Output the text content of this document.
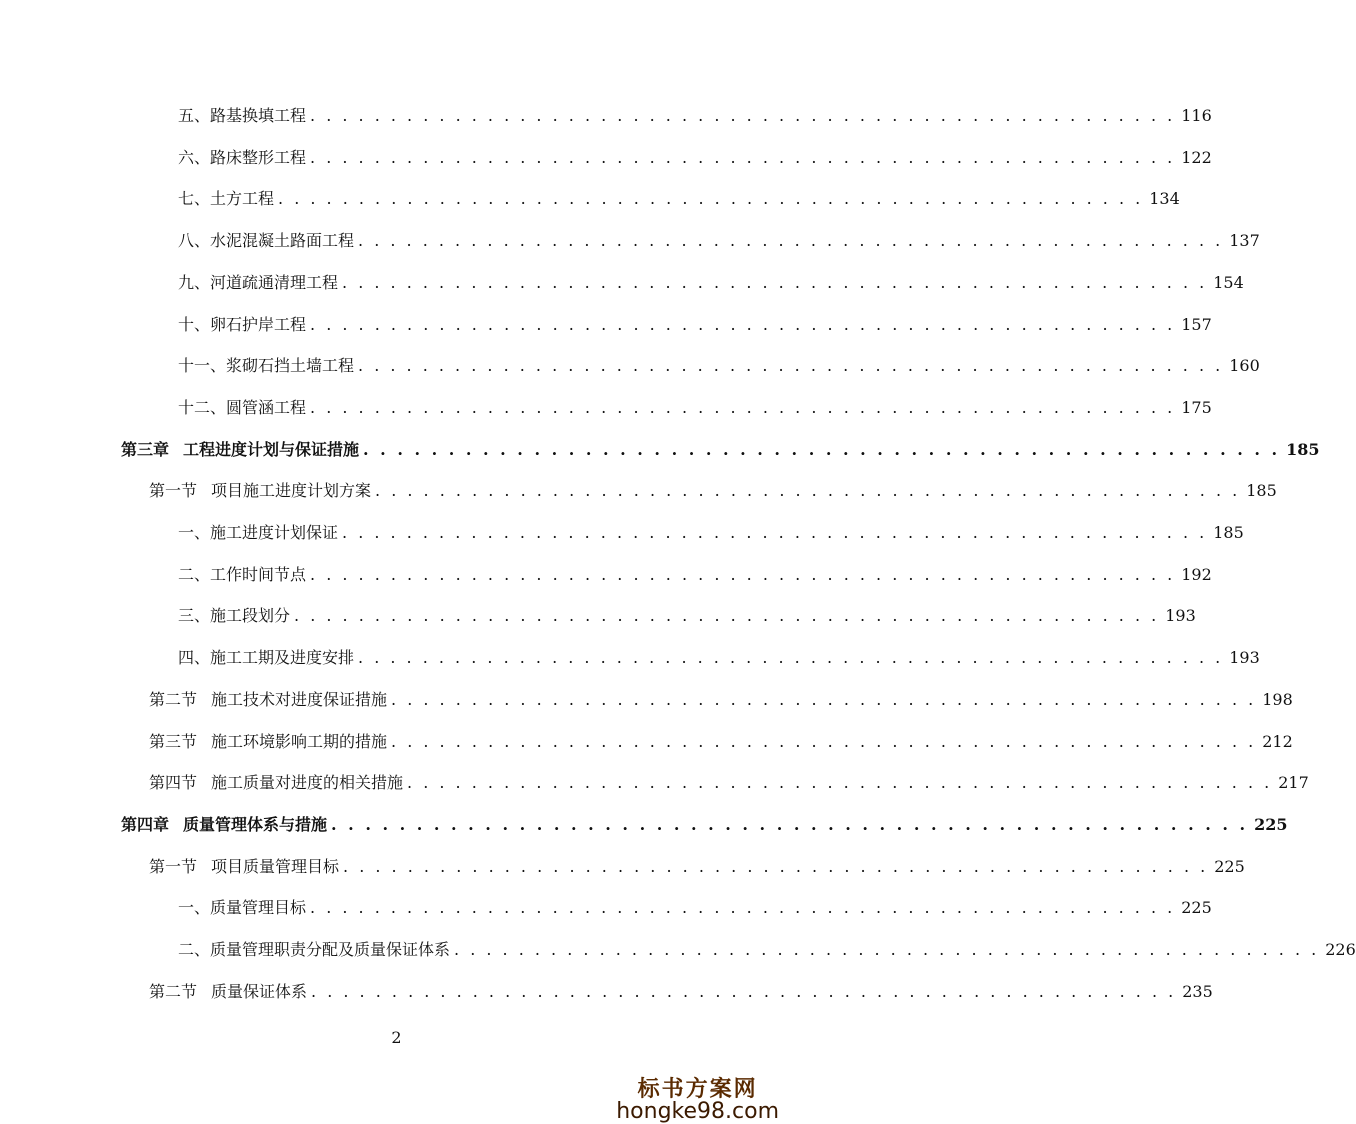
五、路基换填工程 . . . . . . . . . . . . . . . . . . . . . . . . . . . . . . . . . . . . . . . . . . . . . . . . . . . . . . 116
六、路床整形工程 . . . . . . . . . . . . . . . . . . . . . . . . . . . . . . . . . . . . . . . . . . . . . . . . . . . . . . 122
七、土方工程 . . . . . . . . . . . . . . . . . . . . . . . . . . . . . . . . . . . . . . . . . . . . . . . . . . . . . . 134
八、水泥混凝土路面工程 . . . . . . . . . . . . . . . . . . . . . . . . . . . . . . . . . . . . . . . . . . . . . . . . . . . . . . 137
九、河道疏通清理工程 . . . . . . . . . . . . . . . . . . . . . . . . . . . . . . . . . . . . . . . . . . . . . . . . . . . . . . 154
十、卵石护岸工程 . . . . . . . . . . . . . . . . . . . . . . . . . . . . . . . . . . . . . . . . . . . . . . . . . . . . . . 157
十一、浆砌石挡土墙工程 . . . . . . . . . . . . . . . . . . . . . . . . . . . . . . . . . . . . . . . . . . . . . . . . . . . . . . 160
十二、圆管涵工程 . . . . . . . . . . . . . . . . . . . . . . . . . . . . . . . . . . . . . . . . . . . . . . . . . . . . . . 175
第三章 工程进度计划与保证措施 . . . . . . . . . . . . . . . . . . . . . . . . . . . . . . . . . . . . . . . . . . . . . . . . . . . . . . 185
第一节 项目施工进度计划方案 . . . . . . . . . . . . . . . . . . . . . . . . . . . . . . . . . . . . . . . . . . . . . . . . . . . . . . 185
一、施工进度计划保证 . . . . . . . . . . . . . . . . . . . . . . . . . . . . . . . . . . . . . . . . . . . . . . . . . . . . . . 185
二、工作时间节点 . . . . . . . . . . . . . . . . . . . . . . . . . . . . . . . . . . . . . . . . . . . . . . . . . . . . . . 192
三、施工段划分 . . . . . . . . . . . . . . . . . . . . . . . . . . . . . . . . . . . . . . . . . . . . . . . . . . . . . . 193
四、施工工期及进度安排 . . . . . . . . . . . . . . . . . . . . . . . . . . . . . . . . . . . . . . . . . . . . . . . . . . . . . . 193
第二节 施工技术对进度保证措施 . . . . . . . . . . . . . . . . . . . . . . . . . . . . . . . . . . . . . . . . . . . . . . . . . . . . . . 198
第三节 施工环境影响工期的措施 . . . . . . . . . . . . . . . . . . . . . . . . . . . . . . . . . . . . . . . . . . . . . . . . . . . . . . 212
第四节 施工质量对进度的相关措施 . . . . . . . . . . . . . . . . . . . . . . . . . . . . . . . . . . . . . . . . . . . . . . . . . . . . . . 217
第四章 质量管理体系与措施 . . . . . . . . . . . . . . . . . . . . . . . . . . . . . . . . . . . . . . . . . . . . . . . . . . . . . . 225
第一节 项目质量管理目标 . . . . . . . . . . . . . . . . . . . . . . . . . . . . . . . . . . . . . . . . . . . . . . . . . . . . . . 225
一、质量管理目标 . . . . . . . . . . . . . . . . . . . . . . . . . . . . . . . . . . . . . . . . . . . . . . . . . . . . . . 225
二、质量管理职责分配及质量保证体系 . . . . . . . . . . . . . . . . . . . . . . . . . . . . . . . . . . . . . . . . . . . . . . . . . . . . . . 226
第二节 质量保证体系 . . . . . . . . . . . . . . . . . . . . . . . . . . . . . . . . . . . . . . . . . . . . . . . . . . . . . . 235
2
标书方案网
hongke98.com
